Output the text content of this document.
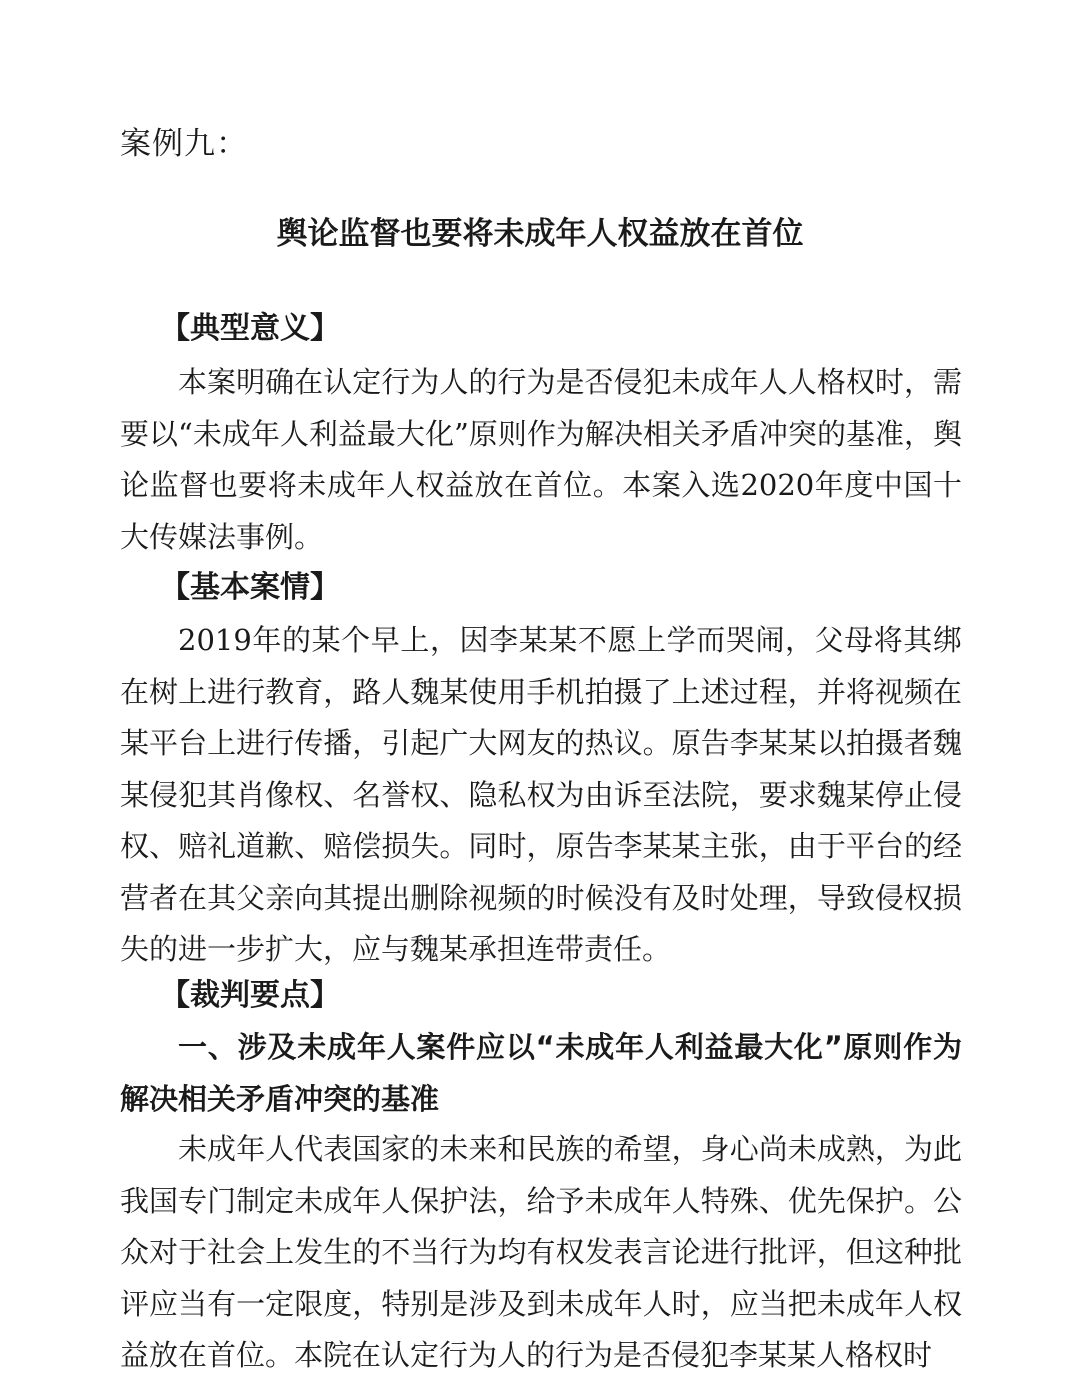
案例九：
舆论监督也要将未成年人权益放在首位
【典型意义】

本案明确在认定行为人的行为是否侵犯未成年人人格权时，需要以“未成年人利益最大化”原则作为解决相关矛盾冲突的基准，舆论监督也要将未成年人权益放在首位。本案入选2020年度中国十大传媒法事例。

【基本案情】

2019年的某个早上，因李某某不愿上学而哭闹，父母将其绑在树上进行教育，路人魏某使用手机拍摄了上述过程，并将视频在某平台上进行传播，引起广大网友的热议。原告李某某以拍摄者魏某侵犯其肖像权、名誉权、隐私权为由诉至法院，要求魏某停止侵权、赔礼道歉、赔偿损失。同时，原告李某某主张，由于平台的经营者在其父亲向其提出删除视频的时候没有及时处理，导致侵权损失的进一步扩大，应与魏某承担连带责任。

【裁判要点】

一、涉及未成年人案件应以“未成年人利益最大化”原则作为解决相关矛盾冲突的基准

未成年人代表国家的未来和民族的希望，身心尚未成熟，为此我国专门制定未成年人保护法，给予未成年人特殊、优先保护。公众对于社会上发生的不当行为均有权发表言论进行批评，但这种批评应当有一定限度，特别是涉及到未成年人时，应当把未成年人权益放在首位。本院在认定行为人的行为是否侵犯李某某人格权时
